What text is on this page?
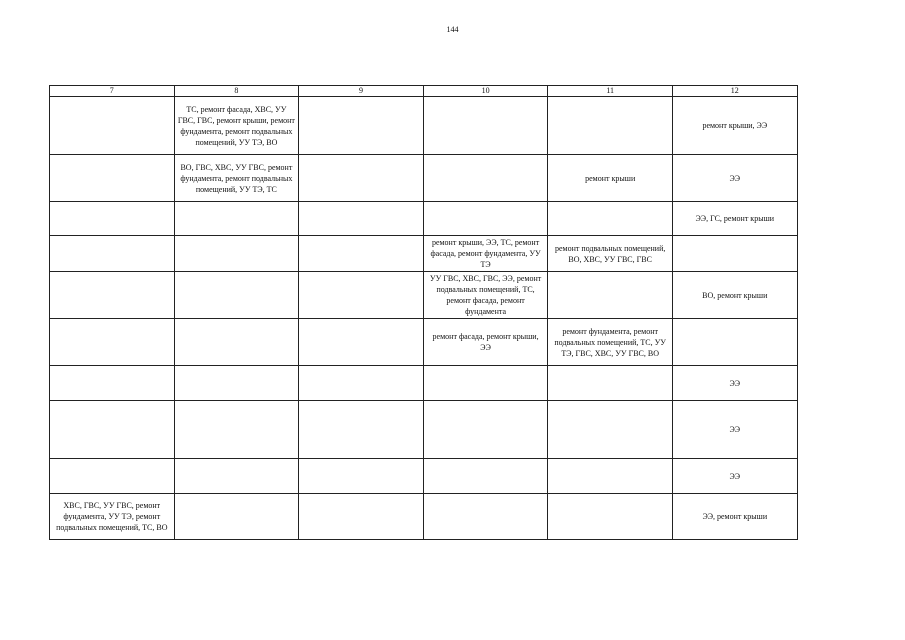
144
7	8	9	10	11	12
	ТС, ремонт фасада, ХВС, УУ ГВС, ГВС, ремонт крыши, ремонт фундамента, ремонт подвальных помещений, УУ ТЭ, ВО				ремонт крыши, ЭЭ
	ВО, ГВС, ХВС, УУ ГВС, ремонт фундамента, ремонт подвальных помещений, УУ ТЭ, ТС			ремонт крыши	ЭЭ
					ЭЭ, ГС, ремонт крыши
			ремонт крыши, ЭЭ, ТС, ремонт фасада, ремонт фундамента, УУ ТЭ	ремонт подвальных помещений, ВО, ХВС, УУ ГВС, ГВС	
			УУ ГВС, ХВС, ГВС, ЭЭ, ремонт подвальных помещений, ТС, ремонт фасада, ремонт фундамента		ВО, ремонт крыши
			ремонт фасада, ремонт крыши, ЭЭ	ремонт фундамента, ремонт подвальных помещений, ТС, УУ ТЭ, ГВС, ХВС, УУ ГВС, ВО	
					ЭЭ
					ЭЭ
					ЭЭ
ХВС, ГВС, УУ ГВС, ремонт фундамента, УУ ТЭ, ремонт подвальных помещений, ТС, ВО					ЭЭ, ремонт крыши
